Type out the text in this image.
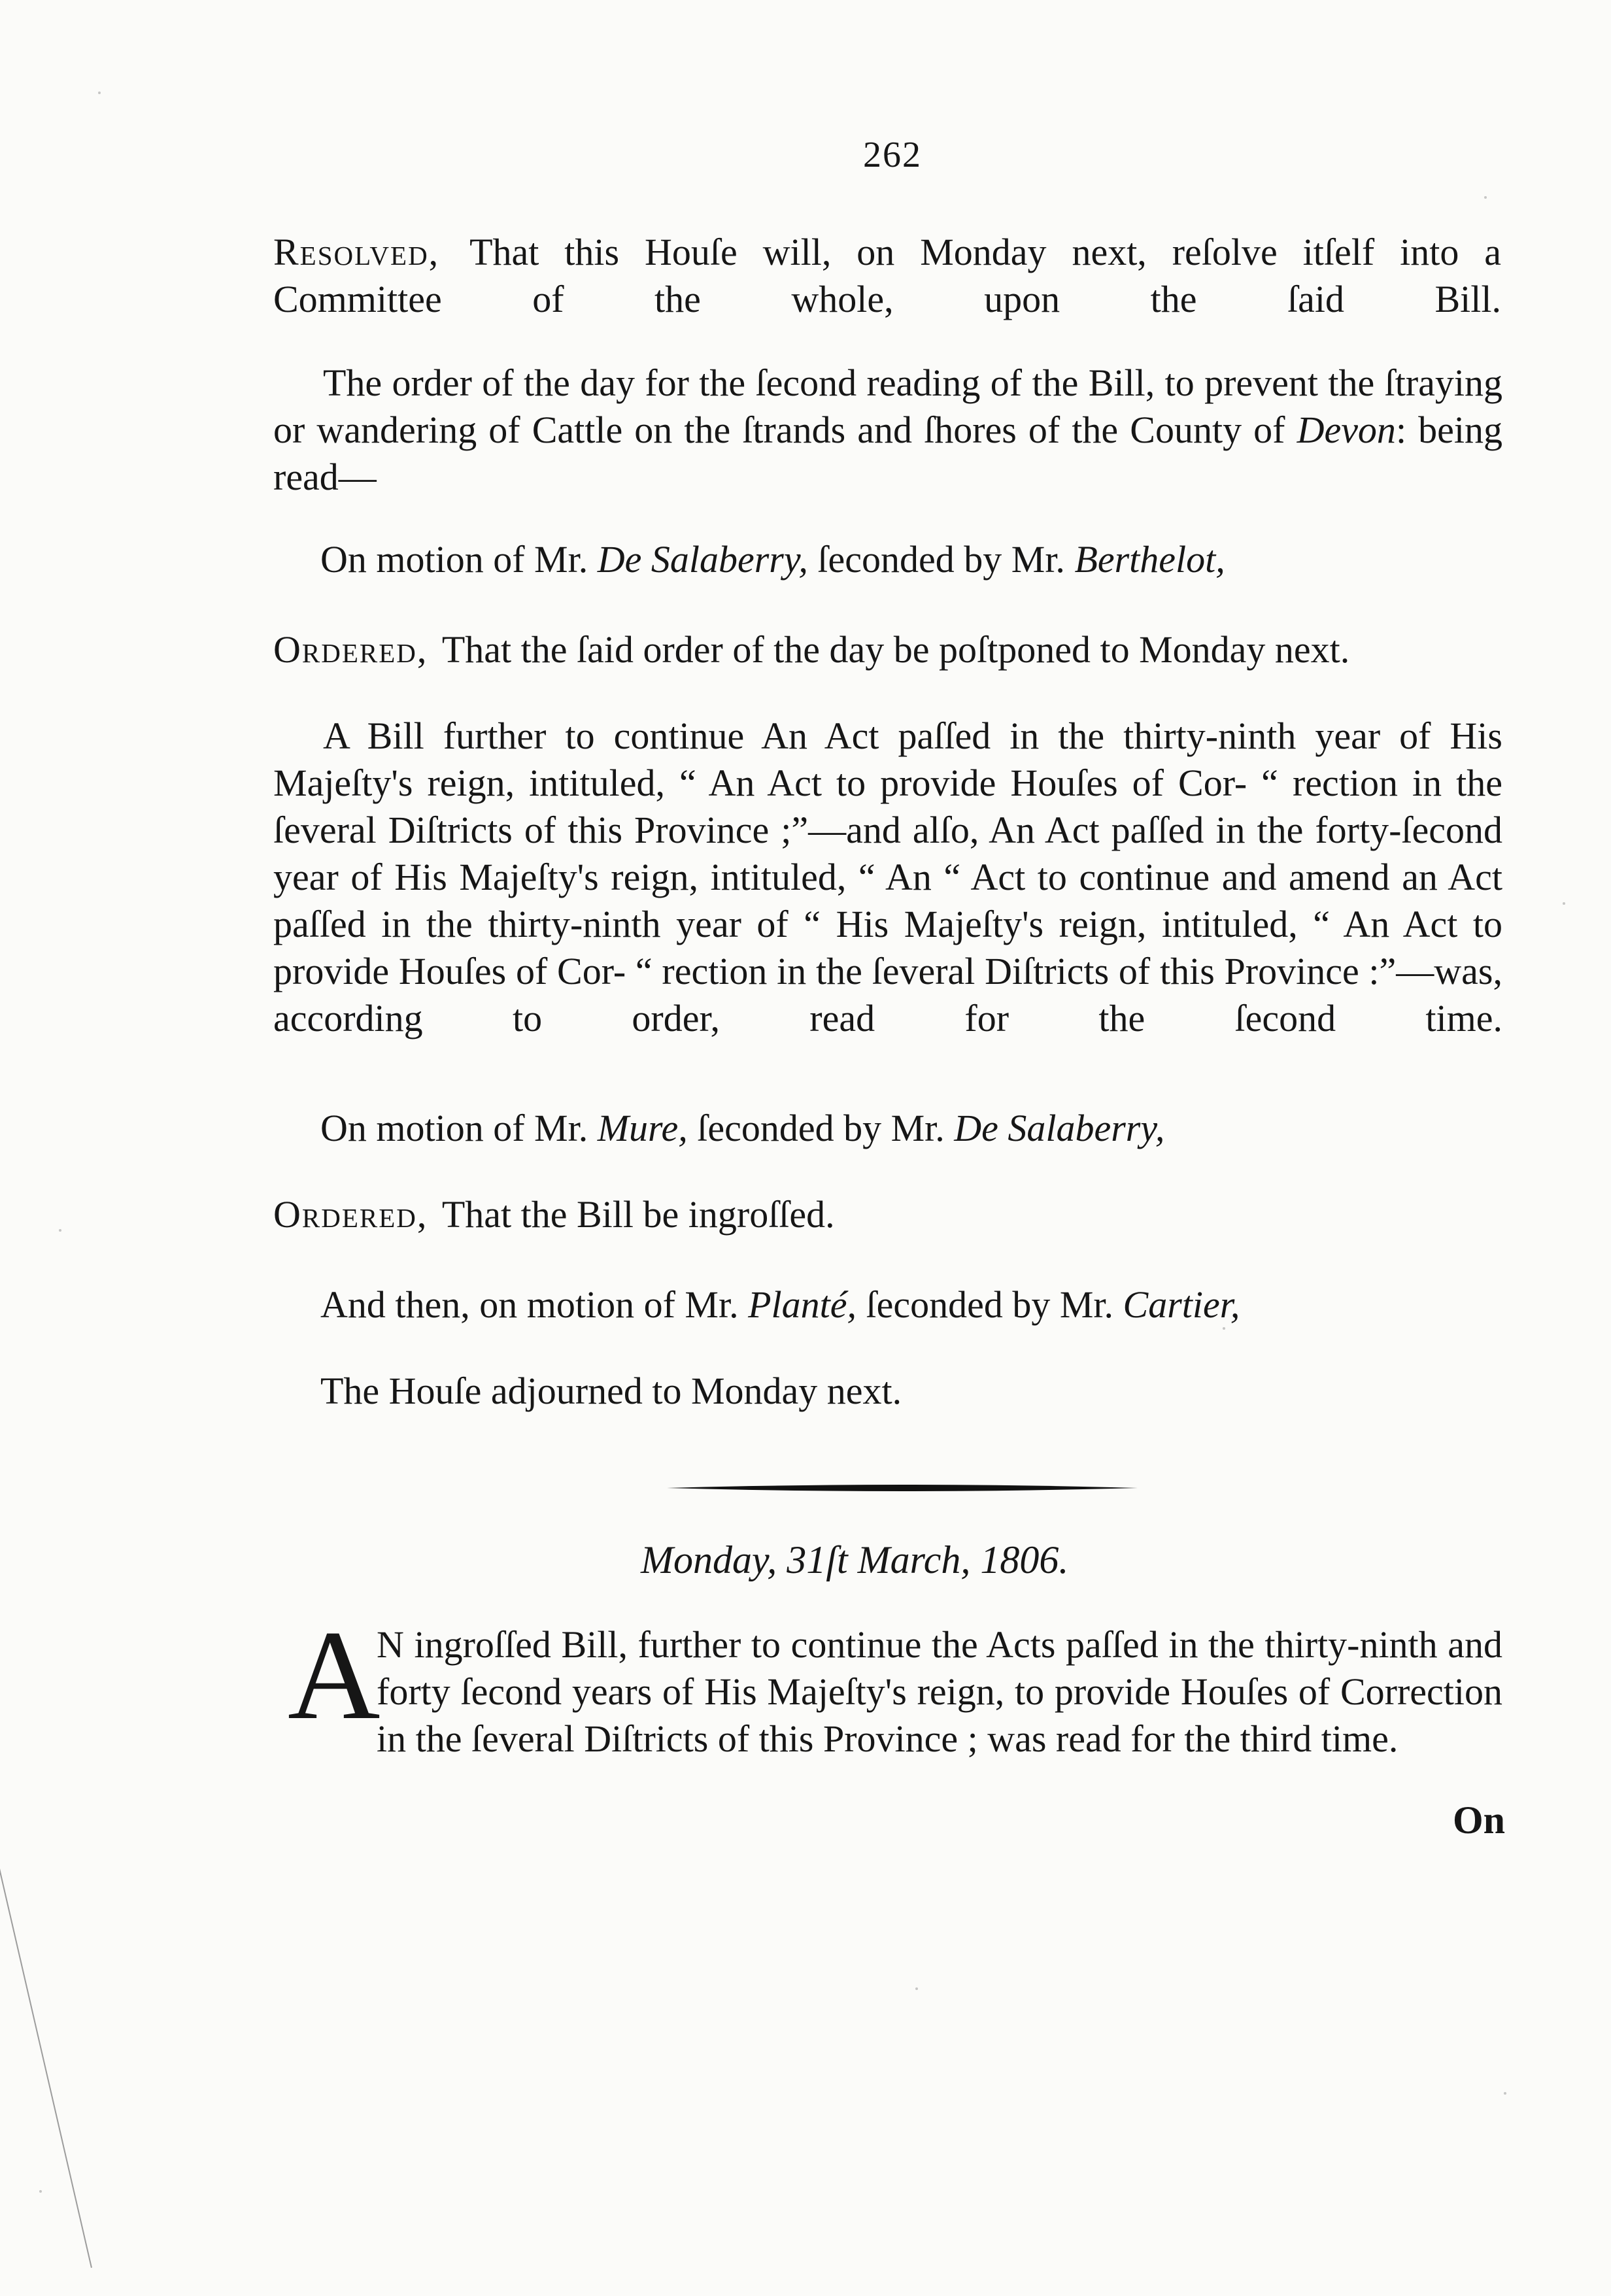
262

Resolved, That this Houſe will, on Monday next, reſolve itſelf into a Committee of the whole, upon the ſaid Bill.

The order of the day for the ſecond reading of the Bill, to prevent the ſtraying or wandering of Cattle on the ſtrands and ſhores of the County of Devon: being read—

On motion of Mr. De Salaberry, ſeconded by Mr. Berthelot,

Ordered, That the ſaid order of the day be poſtponed to Monday next.

A Bill further to continue An Act paſſed in the thirty-ninth year of His Majeſty's reign, intituled, “ An Act to provide Houſes of Cor- “ rection in the ſeveral Diſtricts of this Province ;”—and alſo, An Act paſſed in the forty-ſecond year of His Majeſty's reign, intituled, “ An “ Act to continue and amend an Act paſſed in the thirty-ninth year of “ His Majeſty's reign, intituled, “ An Act to provide Houſes of Cor- “ rection in the ſeveral Diſtricts of this Province :”—was, according to order, read for the ſecond time.

On motion of Mr. Mure, ſeconded by Mr. De Salaberry,

Ordered, That the Bill be ingroſſed.

And then, on motion of Mr. Planté, ſeconded by Mr. Cartier,

The Houſe adjourned to Monday next.

Monday, 31ſt March, 1806.
A

N ingroſſed Bill, further to continue the Acts paſſed in the thirty-ninth and forty ſecond years of His Majeſty's reign, to provide Houſes of Correction in the ſeveral Diſtricts of this Province ; was read for the third time.

On
